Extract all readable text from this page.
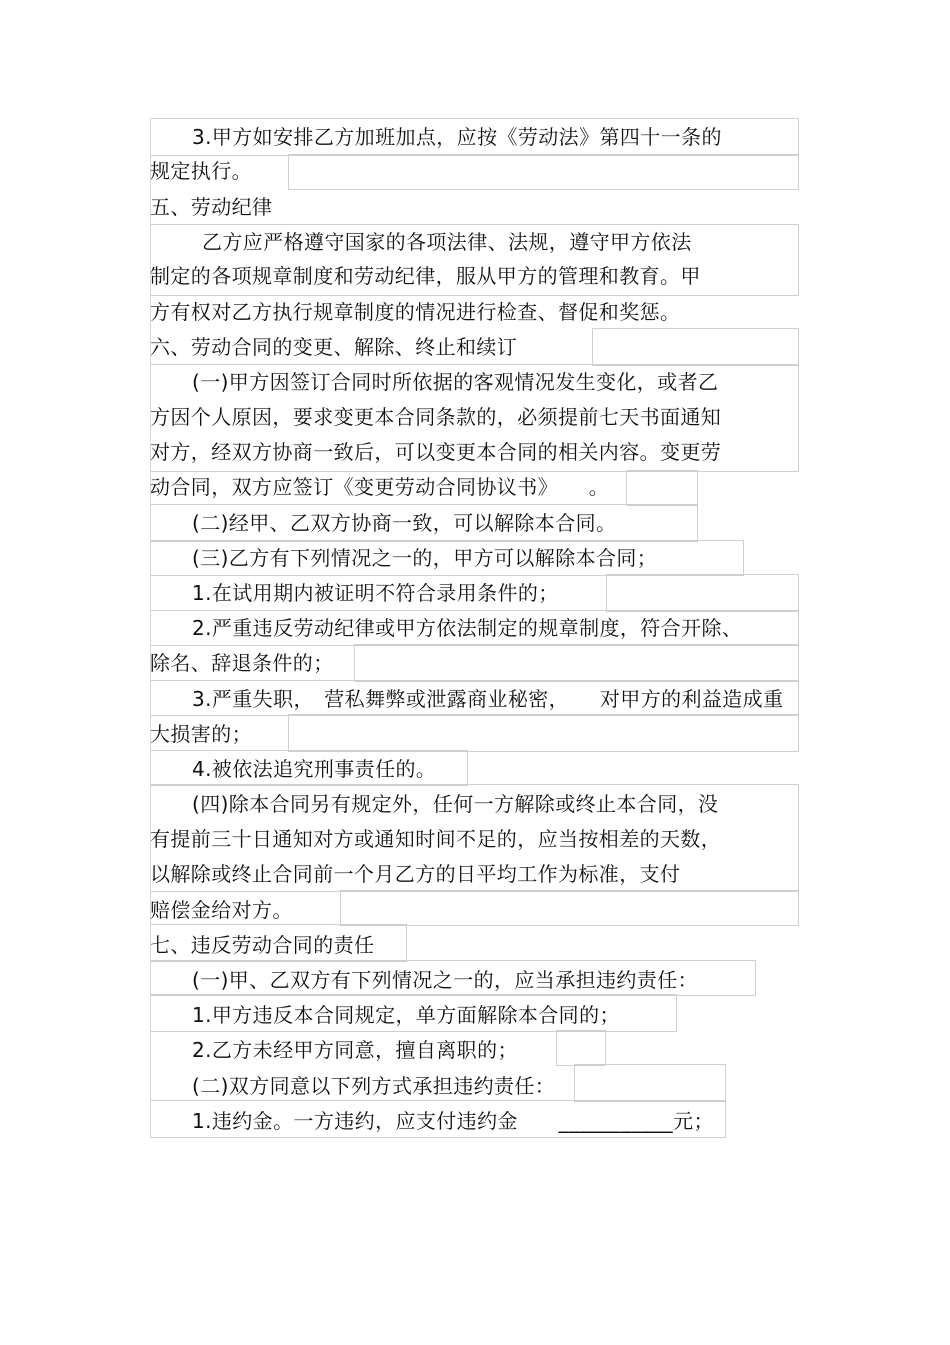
3.甲方如安排乙方加班加点，应按《劳动法》第四十一条的
规定执行。
五、劳动纪律
乙方应严格遵守国家的各项法律、法规，遵守甲方依法
制定的各项规章制度和劳动纪律，服从甲方的管理和教育。甲
方有权对乙方执行规章制度的情况进行检查、督促和奖惩。
六、劳动合同的变更、解除、终止和续订
(一)甲方因签订合同时所依据的客观情况发生变化，或者乙
方因个人原因，要求变更本合同条款的，必须提前七天书面通知
对方，经双方协商一致后，可以变更本合同的相关内容。变更劳
动合同，双方应签订《变更劳动合同协议书》　　。
(二)经甲、乙双方协商一致，可以解除本合同。
(三)乙方有下列情况之一的，甲方可以解除本合同；
1.在试用期内被证明不符合录用条件的；
2.严重违反劳动纪律或甲方依法制定的规章制度，符合开除、
除名、辞退条件的；
3.严重失职，　营私舞弊或泄露商业秘密，　　对甲方的利益造成重
大损害的；
4.被依法追究刑事责任的。
(四)除本合同另有规定外，任何一方解除或终止本合同，没
有提前三十日通知对方或通知时间不足的，应当按相差的天数，
以解除或终止合同前一个月乙方的日平均工作为标准，支付
赔偿金给对方。
七、违反劳动合同的责任
(一)甲、乙双方有下列情况之一的，应当承担违约责任：
1.甲方违反本合同规定，单方面解除本合同的；
2.乙方未经甲方同意，擅自离职的；
(二)双方同意以下列方式承担违约责任：
1.违约金。一方违约，应支付违约金　　___________元；
